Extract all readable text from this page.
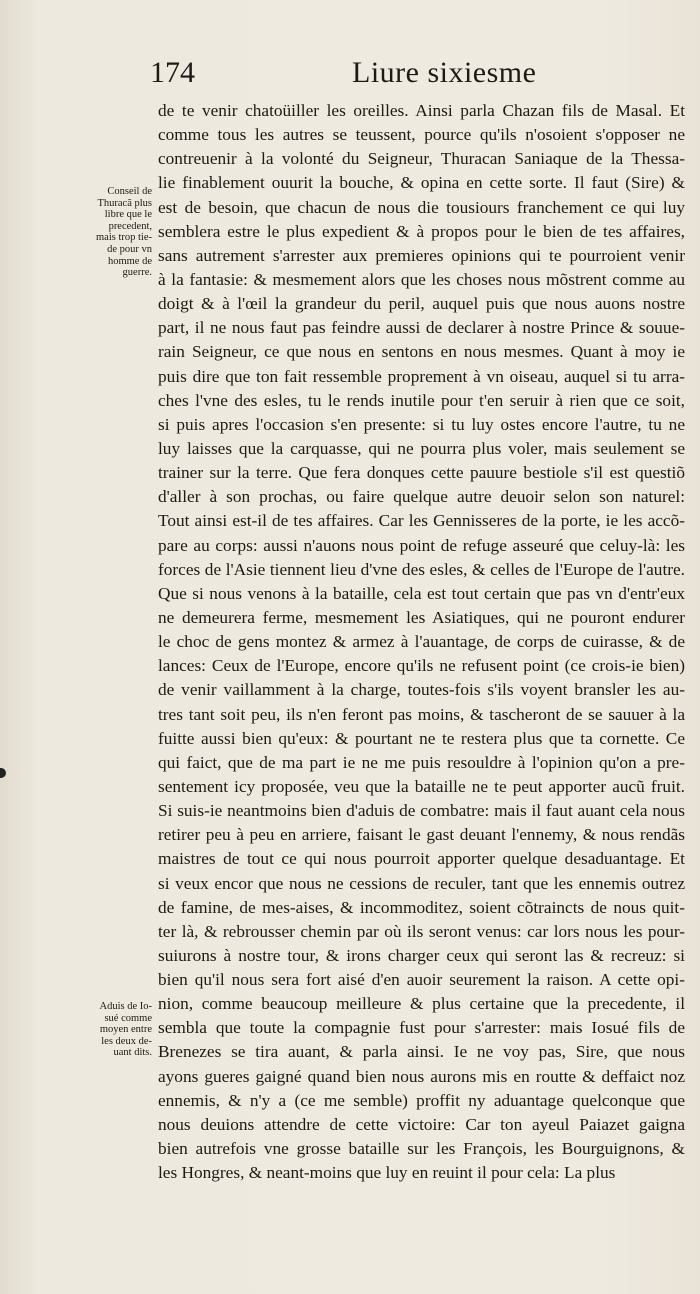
174	Liure sixiesme
Conseil de
Thuracã plus
libre que le
precedent,
mais trop tie-
de pour vn
homme de
guerre.
Aduis de Io-
sué comme
moyen entre
les deux de-
uant dits.
de te venir chatoüiller les oreilles. Ainsi parla Chazan fils de Masal. Et
comme tous les autres se teussent, pource qu'ils n'osoient s'opposer ne
contreuenir à la volonté du Seigneur, Thuracan Saniaque de la Thessa-
lie finablement ouurit la bouche, & opina en cette sorte. Il faut (Sire) &
est de besoin, que chacun de nous die tousiours franchement ce qui luy
semblera estre le plus expedient & à propos pour le bien de tes affaires,
sans autrement s'arrester aux premieres opinions qui te pourroient venir
à la fantasie: & mesmement alors que les choses nous mõstrent comme au
doigt & à l'œil la grandeur du peril, auquel puis que nous auons nostre
part, il ne nous faut pas feindre aussi de declarer à nostre Prince & souue-
rain Seigneur, ce que nous en sentons en nous mesmes. Quant à moy ie
puis dire que ton fait ressemble proprement à vn oiseau, auquel si tu arra-
ches l'vne des esles, tu le rends inutile pour t'en seruir à rien que ce soit,
si puis apres l'occasion s'en presente: si tu luy ostes encore l'autre, tu ne
luy laisses que la carquasse, qui ne pourra plus voler, mais seulement se
trainer sur la terre. Que fera donques cette pauure bestiole s'il est questiõ
d'aller à son prochas, ou faire quelque autre deuoir selon son naturel:
Tout ainsi est-il de tes affaires. Car les Gennisseres de la porte, ie les accõ-
pare au corps: aussi n'auons nous point de refuge asseuré que celuy-là: les
forces de l'Asie tiennent lieu d'vne des esles, & celles de l'Europe de l'autre.
Que si nous venons à la bataille, cela est tout certain que pas vn d'entr'eux
ne demeurera ferme, mesmement les Asiatiques, qui ne pouront endurer
le choc de gens montez & armez à l'auantage, de corps de cuirasse, & de
lances: Ceux de l'Europe, encore qu'ils ne refusent point (ce crois-ie bien)
de venir vaillamment à la charge, toutes-fois s'ils voyent bransler les au-
tres tant soit peu, ils n'en feront pas moins, & tascheront de se sauuer à la
fuitte aussi bien qu'eux: & pourtant ne te restera plus que ta cornette. Ce
qui faict, que de ma part ie ne me puis resouldre à l'opinion qu'on a pre-
sentement icy proposée, veu que la bataille ne te peut apporter aucũ fruit.
Si suis-ie neantmoins bien d'aduis de combatre: mais il faut auant cela nous
retirer peu à peu en arriere, faisant le gast deuant l'ennemy, & nous rendãs
maistres de tout ce qui nous pourroit apporter quelque desaduantage. Et
si veux encor que nous ne cessions de reculer, tant que les ennemis outrez
de famine, de mes-aises, & incommoditez, soient cõtraincts de nous quit-
ter là, & rebrousser chemin par où ils seront venus: car lors nous les pour-
suiurons à nostre tour, & irons charger ceux qui seront las & recreuz: si
bien qu'il nous sera fort aisé d'en auoir seurement la raison. A cette opi-
nion, comme beaucoup meilleure & plus certaine que la precedente, il
sembla que toute la compagnie fust pour s'arrester: mais Iosué fils de
Brenezes se tira auant, & parla ainsi. Ie ne voy pas, Sire, que nous
ayons gueres gaigné quand bien nous aurons mis en routte & deffaict noz
ennemis, & n'y a (ce me semble) proffit ny aduantage quelconque que
nous deuions attendre de cette victoire: Car ton ayeul Paiazet gaigna
bien autrefois vne grosse bataille sur les François, les Bourguignons, &
les Hongres, & neant-moins que luy en reuint il pour cela: La plus
